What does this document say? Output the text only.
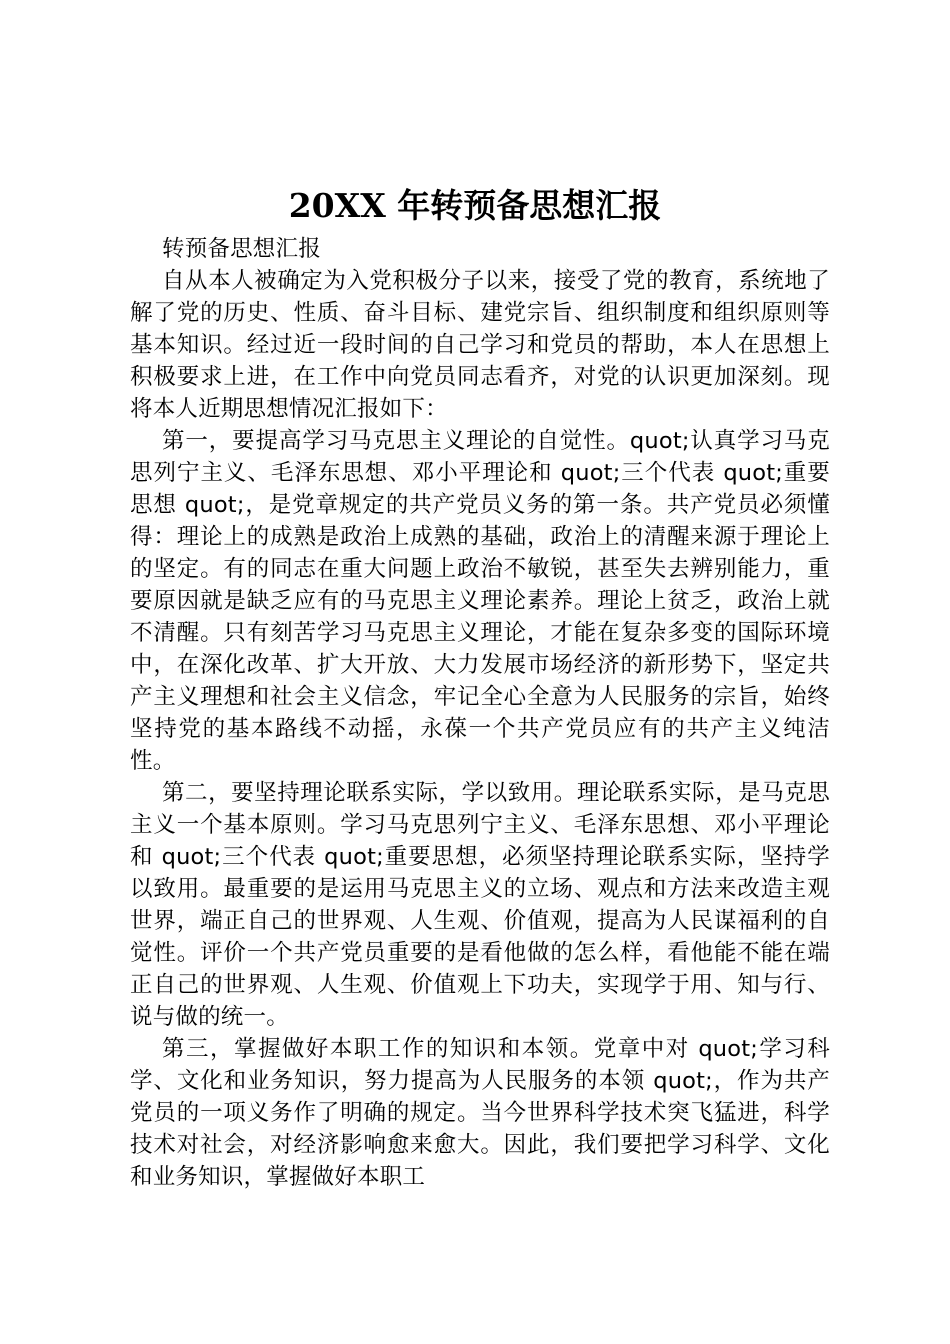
20XX 年转预备思想汇报

转预备思想汇报

自从本人被确定为入党积极分子以来，接受了党的教育，系统地了解了党的历史、性质、奋斗目标、建党宗旨、组织制度和组织原则等基本知识。经过近一段时间的自己学习和党员的帮助，本人在思想上积极要求上进，在工作中向党员同志看齐，对党的认识更加深刻。现将本人近期思想情况汇报如下：

第一，要提高学习马克思主义理论的自觉性。quot;认真学习马克思列宁主义、毛泽东思想、邓小平理论和 quot;三个代表 quot;重要思想 quot;，是党章规定的共产党员义务的第一条。共产党员必须懂得：理论上的成熟是政治上成熟的基础，政治上的清醒来源于理论上的坚定。有的同志在重大问题上政治不敏锐，甚至失去辨别能力，重要原因就是缺乏应有的马克思主义理论素养。理论上贫乏，政治上就不清醒。只有刻苦学习马克思主义理论，才能在复杂多变的国际环境中，在深化改革、扩大开放、大力发展市场经济的新形势下，坚定共产主义理想和社会主义信念，牢记全心全意为人民服务的宗旨，始终坚持党的基本路线不动摇，永葆一个共产党员应有的共产主义纯洁性。

第二，要坚持理论联系实际，学以致用。理论联系实际，是马克思主义一个基本原则。学习马克思列宁主义、毛泽东思想、邓小平理论和 quot;三个代表 quot;重要思想，必须坚持理论联系实际，坚持学以致用。最重要的是运用马克思主义的立场、观点和方法来改造主观世界，端正自己的世界观、人生观、价值观，提高为人民谋福利的自觉性。评价一个共产党员重要的是看他做的怎么样，看他能不能在端正自己的世界观、人生观、价值观上下功夫，实现学于用、知与行、说与做的统一。

第三，掌握做好本职工作的知识和本领。党章中对 quot;学习科学、文化和业务知识，努力提高为人民服务的本领 quot;，作为共产党员的一项义务作了明确的规定。当今世界科学技术突飞猛进，科学技术对社会，对经济影响愈来愈大。因此，我们要把学习科学、文化和业务知识，掌握做好本职工
